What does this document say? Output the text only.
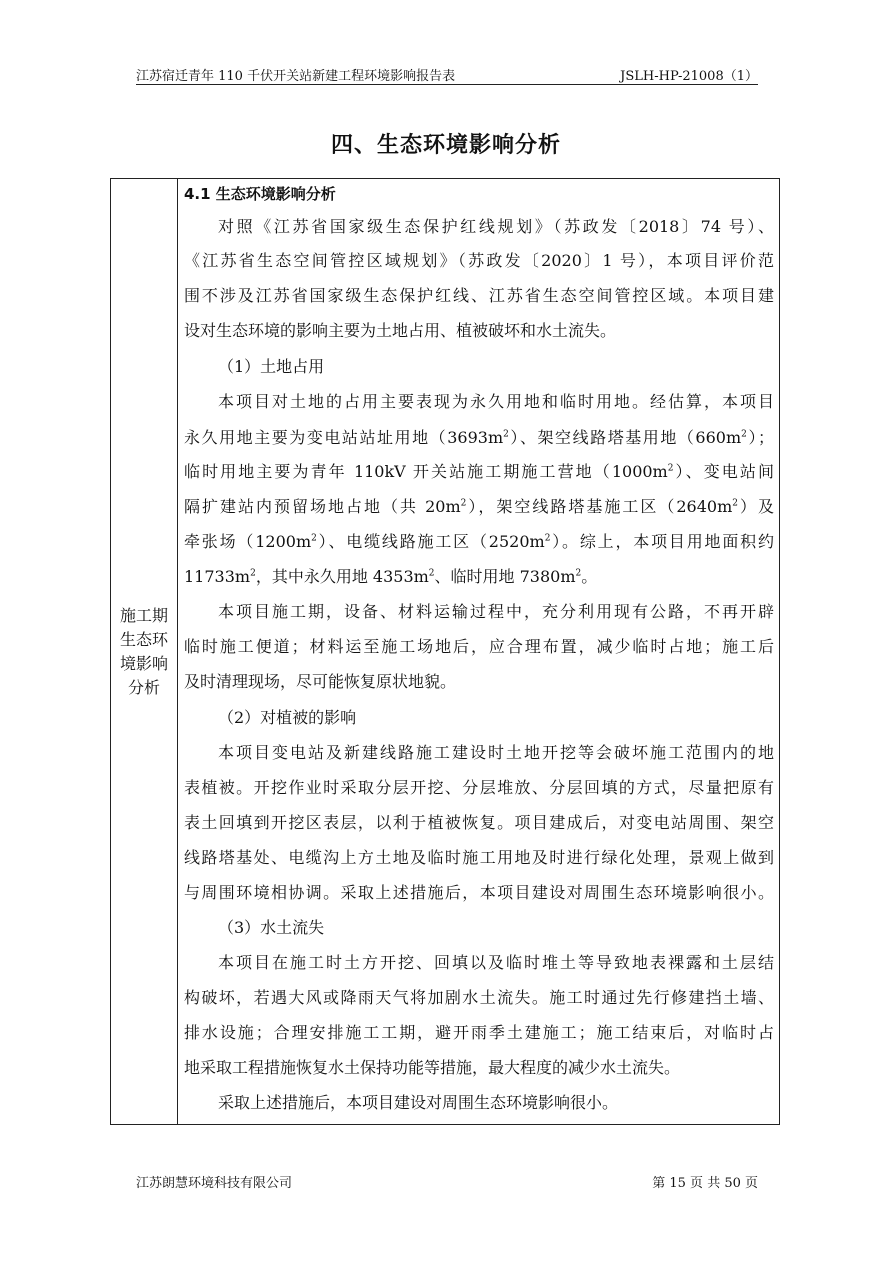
江苏宿迁青年 110 千伏开关站新建工程环境影响报告表	JSLH-HP-21008（1）
四、生态环境影响分析
施工期生态环境影响分析
4.1 生态环境影响分析
对照《江苏省国家级生态保护红线规划》（苏政发〔2018〕74 号）、
《江苏省生态空间管控区域规划》（苏政发〔2020〕1 号），本项目评价范
围不涉及江苏省国家级生态保护红线、江苏省生态空间管控区域。本项目建
设对生态环境的影响主要为土地占用、植被破坏和水土流失。
（1）土地占用
本项目对土地的占用主要表现为永久用地和临时用地。经估算，本项目
永久用地主要为变电站站址用地$(3693m^2)$、架空线路塔基用地$(660m^2)$；
临时用地主要为青年 110kV 开关站施工期施工营地$(1000m^2)$、变电站间
隔扩建站内预留场地占地（共 $20m^2$），架空线路塔基施工区$(2640m^2)$及
牵张场$(1200m^2)$、电缆线路施工区$(2520m^2)$。综上，本项目用地面积约
$11733m^2$，其中永久用地 $4353m^2$、临时用地 $7380m^2$。
本项目施工期，设备、材料运输过程中，充分利用现有公路，不再开辟
临时施工便道；材料运至施工场地后，应合理布置，减少临时占地；施工后
及时清理现场，尽可能恢复原状地貌。
（2）对植被的影响
本项目变电站及新建线路施工建设时土地开挖等会破坏施工范围内的地
表植被。开挖作业时采取分层开挖、分层堆放、分层回填的方式，尽量把原有
表土回填到开挖区表层，以利于植被恢复。项目建成后，对变电站周围、架空
线路塔基处、电缆沟上方土地及临时施工用地及时进行绿化处理，景观上做到
与周围环境相协调。采取上述措施后，本项目建设对周围生态环境影响很小。
（3）水土流失
本项目在施工时土方开挖、回填以及临时堆土等导致地表裸露和土层结
构破坏，若遇大风或降雨天气将加剧水土流失。施工时通过先行修建挡土墙、
排水设施；合理安排施工工期，避开雨季土建施工；施工结束后，对临时占
地采取工程措施恢复水土保持功能等措施，最大程度的减少水土流失。
采取上述措施后，本项目建设对周围生态环境影响很小。
江苏朗慧环境科技有限公司	第 15 页 共 50 页
